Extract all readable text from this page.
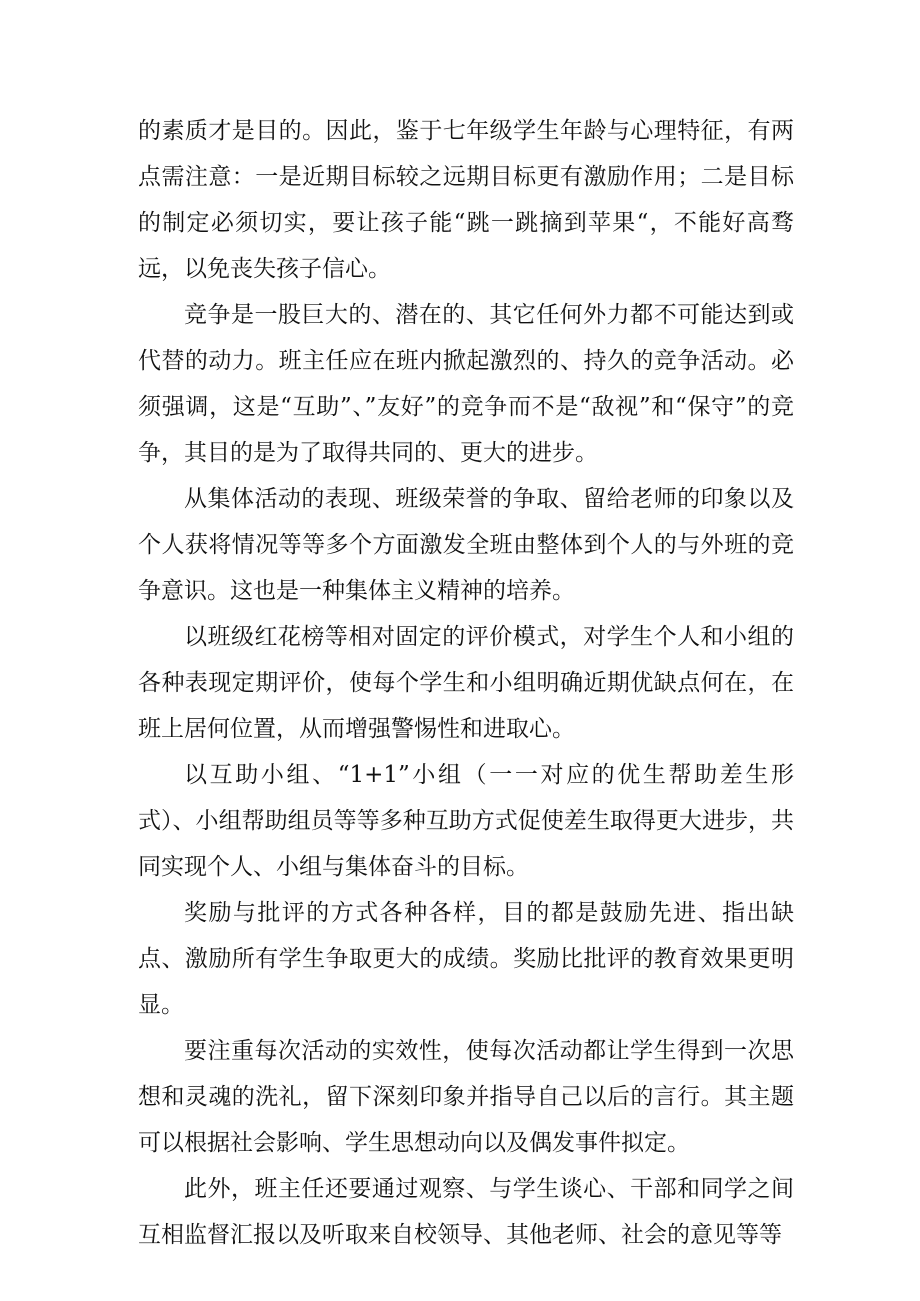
的素质才是目的。因此，鉴于七年级学生年龄与心理特征，有两点需注意：一是近期目标较之远期目标更有激励作用；二是目标的制定必须切实，要让孩子能“跳一跳摘到苹果“，不能好高骛远，以免丧失孩子信心。

竞争是一股巨大的、潜在的、其它任何外力都不可能达到或代替的动力。班主任应在班内掀起激烈的、持久的竞争活动。必须强调，这是“互助”、”友好”的竞争而不是“敌视”和“保守”的竞争，其目的是为了取得共同的、更大的进步。

从集体活动的表现、班级荣誉的争取、留给老师的印象以及个人获将情况等等多个方面激发全班由整体到个人的与外班的竞争意识。这也是一种集体主义精神的培养。

以班级红花榜等相对固定的评价模式，对学生个人和小组的各种表现定期评价，使每个学生和小组明确近期优缺点何在，在班上居何位置，从而增强警惕性和进取心。

以互助小组、“1+1”小组（一一对应的优生帮助差生形式）、小组帮助组员等等多种互助方式促使差生取得更大进步，共同实现个人、小组与集体奋斗的目标。

奖励与批评的方式各种各样，目的都是鼓励先进、指出缺点、激励所有学生争取更大的成绩。奖励比批评的教育效果更明显。

要注重每次活动的实效性，使每次活动都让学生得到一次思想和灵魂的洗礼，留下深刻印象并指导自己以后的言行。其主题可以根据社会影响、学生思想动向以及偶发事件拟定。

此外，班主任还要通过观察、与学生谈心、干部和同学之间互相监督汇报以及听取来自校领导、其他老师、社会的意见等等
